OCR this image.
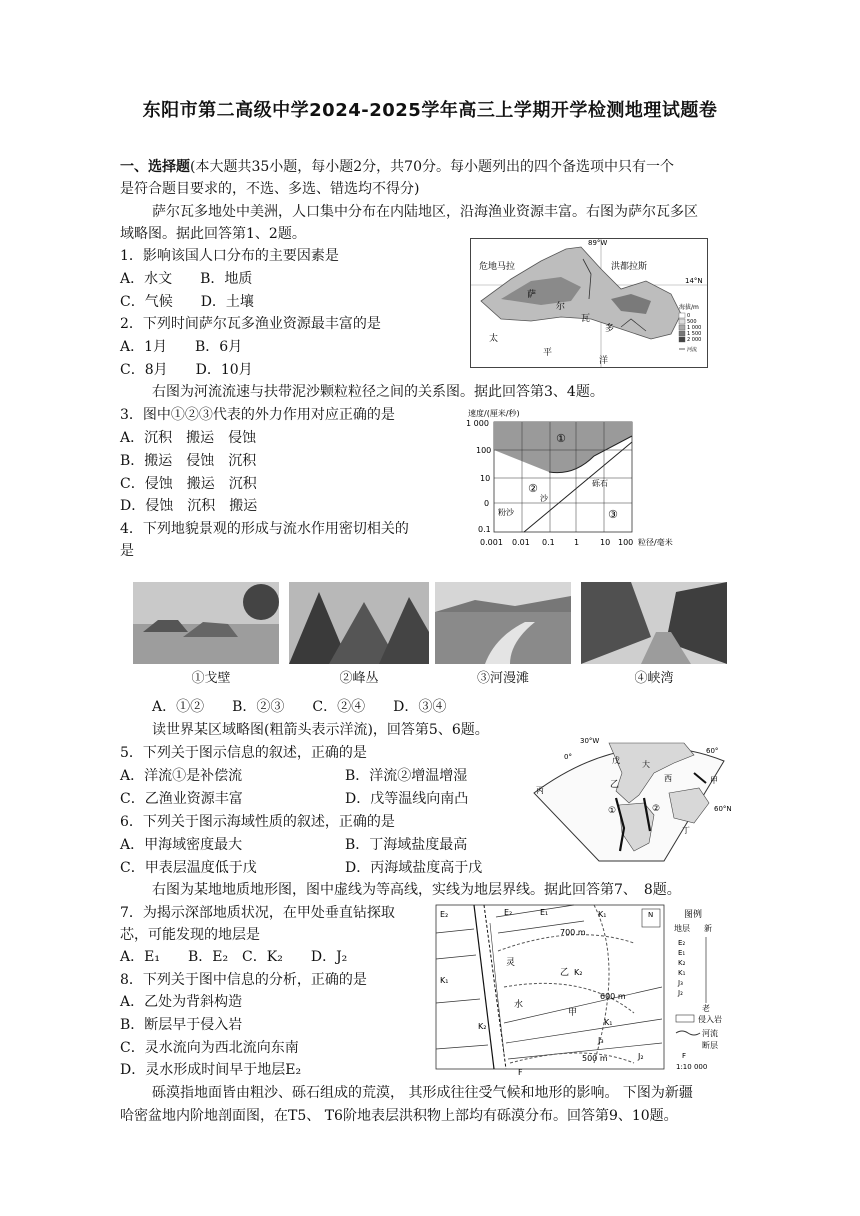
东阳市第二高级中学2024-2025学年高三上学期开学检测地理试题卷
一、选择题(本大题共35小题，每小题2分，共70分。每小题列出的四个备选项中只有一个
是符合题目要求的，不选、多选、错选均不得分)
萨尔瓦多地处中美洲，人口集中分布在内陆地区，沿海渔业资源丰富。右图为萨尔瓦多区
域略图。据此回答第1、2题。
1．影响该国人口分布的主要因素是
A．水文　　B．地质
C．气候　　D．土壤
2．下列时间萨尔瓦多渔业资源最丰富的是
A．1月　　B．6月
C．8月　　D．10月
危地马拉	洪都拉斯
89°W
14°N
萨
尔
瓦
多
太
平
洋
海拔/m
0
500
1 000
1 500
2 000
河流
右图为河流流速与扶带泥沙颗粒粒径之间的关系图。据此回答第3、4题。
3．图中①②③代表的外力作用对应正确的是
A．沉积　搬运　侵蚀
B．搬运　侵蚀　沉积
C．侵蚀　搬运　沉积
D．侵蚀　沉积　搬运
4．下列地貌景观的形成与流水作用密切相关的
是
速度/(厘米/秒)
1 000
100
10
0
0.1
0.001 0.01 0.1 1	10 100 粒径/毫米
①
②
③
沙
砾石
粉沙
①戈壁	②峰丛	③河漫滩	④峡湾
A．①②　　B．②③　　C．②④　　D．③④
读世界某区域略图(粗箭头表示洋流)，回答第5、6题。
5．下列关于图示信息的叙述，正确的是
A．洋流①是补偿流	B．洋流②增温增湿
C．乙渔业资源丰富	D．戊等温线向南凸
6．下列关于图示海域性质的叙述，正确的是
A．甲海域密度最大	B．丁海域盐度最高
C．甲表层温度低于戊	D．丙海域盐度高于戊
30°W
0°
60°
60°N
戊	大
西	甲
乙
丙
丁
①	②
右图为某地地质地形图，图中虚线为等高线，实线为地层界线。据此回答第7、　8题。
7．为揭示深部地质状况，在甲处垂直钻探取
芯，可能发现的地层是
A．E₁　　B．E₂　C．K₂　　D．J₂
8．下列关于图中信息的分析，正确的是
A．乙处为背斜构造
B．断层早于侵入岩
C．灵水流向为西北流向东南
D．灵水形成时间早于地层E₂
E₂	E₂	E₁	K₁
K₁
K₂
K₂
K₁
J₃
J₂
700 m
600 m
500 m
灵
水
甲
乙
F
N	图例
地层 新
E₂
E₁
K₂
K₁
J₃
J₂
老
侵入岩
河流
断层
F
1:10 000
砾漠指地面皆由粗沙、砾石组成的荒漠， 其形成往往受气候和地形的影响。 下图为新疆
哈密盆地内阶地剖面图，在T5、 T6阶地表层洪积物上部均有砾漠分布。回答第9、10题。
